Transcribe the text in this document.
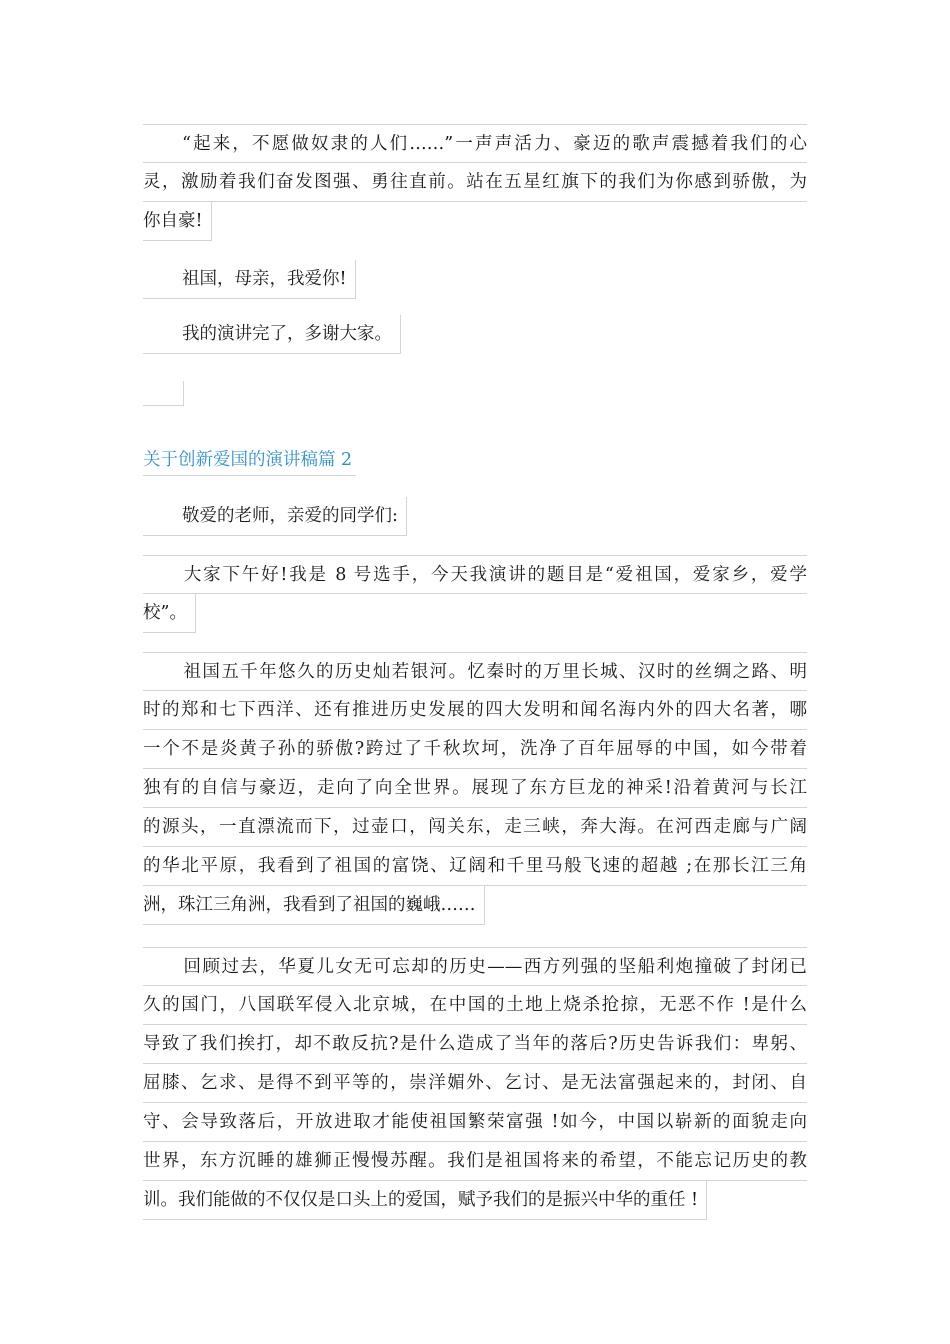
“起来，不愿做奴隶的人们……”一声声活力、豪迈的歌声震撼着我们的心
灵，激励着我们奋发图强、勇往直前。站在五星红旗下的我们为你感到骄傲，为
你自豪!
祖国，母亲，我爱你!
我的演讲完了，多谢大家。
关于创新爱国的演讲稿篇 2
敬爱的老师，亲爱的同学们:
大家下午好!我是 8 号选手，今天我演讲的题目是“爱祖国，爱家乡，爱学
校”。
祖国五千年悠久的历史灿若银河。忆秦时的万里长城、汉时的丝绸之路、明
时的郑和七下西洋、还有推进历史发展的四大发明和闻名海内外的四大名著，哪
一个不是炎黄子孙的骄傲?跨过了千秋坎坷，洗净了百年屈辱的中国，如今带着
独有的自信与豪迈，走向了向全世界。展现了东方巨龙的神采!沿着黄河与长江
的源头，一直漂流而下，过壶口，闯关东，走三峡，奔大海。在河西走廊与广阔
的华北平原，我看到了祖国的富饶、辽阔和千里马般飞速的超越 ;在那长江三角
洲，珠江三角洲，我看到了祖国的巍峨……
回顾过去，华夏儿女无可忘却的历史——西方列强的坚船利炮撞破了封闭已
久的国门，八国联军侵入北京城，在中国的土地上烧杀抢掠，无恶不作 !是什么
导致了我们挨打，却不敢反抗?是什么造成了当年的落后?历史告诉我们：卑躬、
屈膝、乞求、是得不到平等的，崇洋媚外、乞讨、是无法富强起来的，封闭、自
守、会导致落后，开放进取才能使祖国繁荣富强 !如今，中国以崭新的面貌走向
世界，东方沉睡的雄狮正慢慢苏醒。我们是祖国将来的希望，不能忘记历史的教
训。我们能做的不仅仅是口头上的爱国，赋予我们的是振兴中华的重任 !
